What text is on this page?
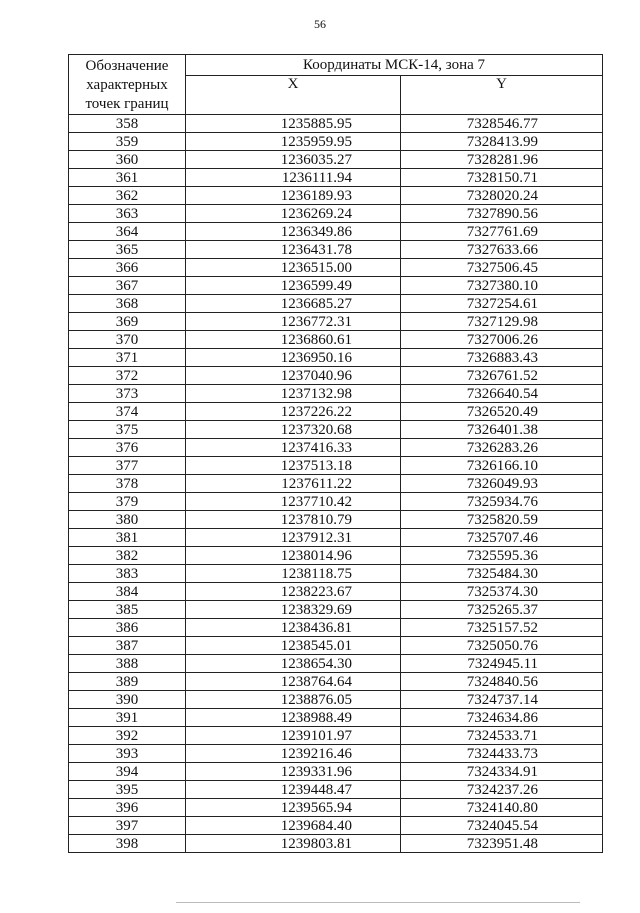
56
Обозначение характерных точек границ	Координаты МСК-14, зона 7	
	X	Y
358	1235885.95	7328546.77
359	1235959.95	7328413.99
360	1236035.27	7328281.96
361	1236111.94	7328150.71
362	1236189.93	7328020.24
363	1236269.24	7327890.56
364	1236349.86	7327761.69
365	1236431.78	7327633.66
366	1236515.00	7327506.45
367	1236599.49	7327380.10
368	1236685.27	7327254.61
369	1236772.31	7327129.98
370	1236860.61	7327006.26
371	1236950.16	7326883.43
372	1237040.96	7326761.52
373	1237132.98	7326640.54
374	1237226.22	7326520.49
375	1237320.68	7326401.38
376	1237416.33	7326283.26
377	1237513.18	7326166.10
378	1237611.22	7326049.93
379	1237710.42	7325934.76
380	1237810.79	7325820.59
381	1237912.31	7325707.46
382	1238014.96	7325595.36
383	1238118.75	7325484.30
384	1238223.67	7325374.30
385	1238329.69	7325265.37
386	1238436.81	7325157.52
387	1238545.01	7325050.76
388	1238654.30	7324945.11
389	1238764.64	7324840.56
390	1238876.05	7324737.14
391	1238988.49	7324634.86
392	1239101.97	7324533.71
393	1239216.46	7324433.73
394	1239331.96	7324334.91
395	1239448.47	7324237.26
396	1239565.94	7324140.80
397	1239684.40	7324045.54
398	1239803.81	7323951.48
